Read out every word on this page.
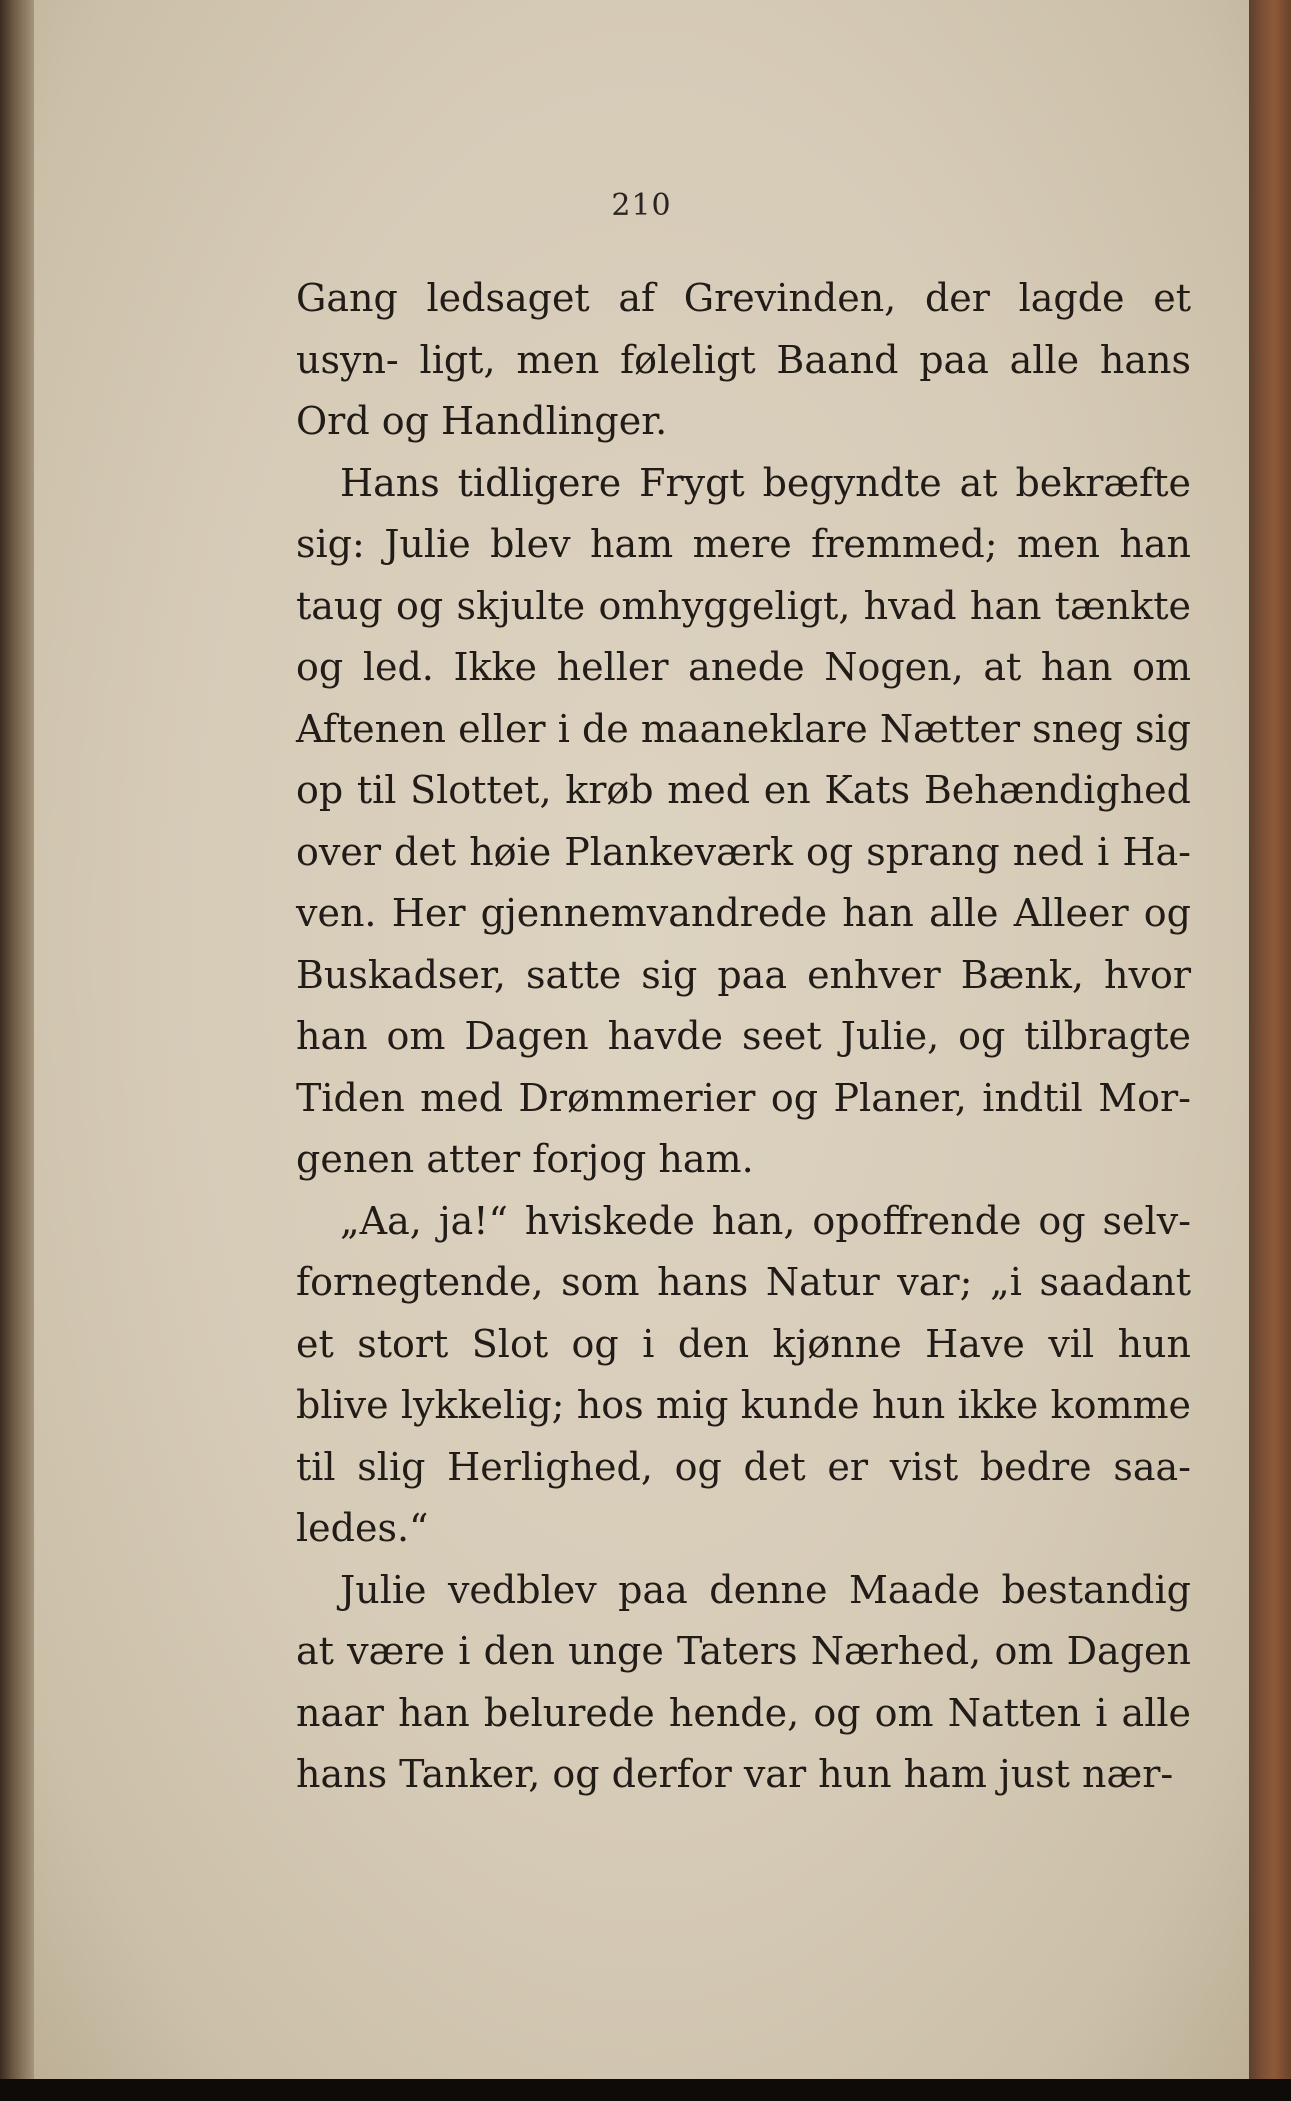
210

Gang ledsaget af Grevinden, der lagde et usyn- ligt, men føleligt Baand paa alle hans Ord og Handlinger.

Hans tidligere Frygt begyndte at bekræfte sig: Julie blev ham mere fremmed; men han taug og skjulte omhyggeligt, hvad han tænkte og led. Ikke heller anede Nogen, at han om Aftenen eller i de maaneklare Nætter sneg sig op til Slottet, krøb med en Kats Behændighed over det høie Plankeværk og sprang ned i Ha- ven. Her gjennemvandrede han alle Alleer og Buskadser, satte sig paa enhver Bænk, hvor han om Dagen havde seet Julie, og tilbragte Tiden med Drømmerier og Planer, indtil Mor- genen atter forjog ham.

„Aa, ja!“ hviskede han, opoffrende og selv- fornegtende, som hans Natur var; „i saadant et stort Slot og i den kjønne Have vil hun blive lykkelig; hos mig kunde hun ikke komme til slig Herlighed, og det er vist bedre saa- ledes.“

Julie vedblev paa denne Maade bestandig at være i den unge Taters Nærhed, om Dagen naar han belurede hende, og om Natten i alle hans Tanker, og derfor var hun ham just nær-
